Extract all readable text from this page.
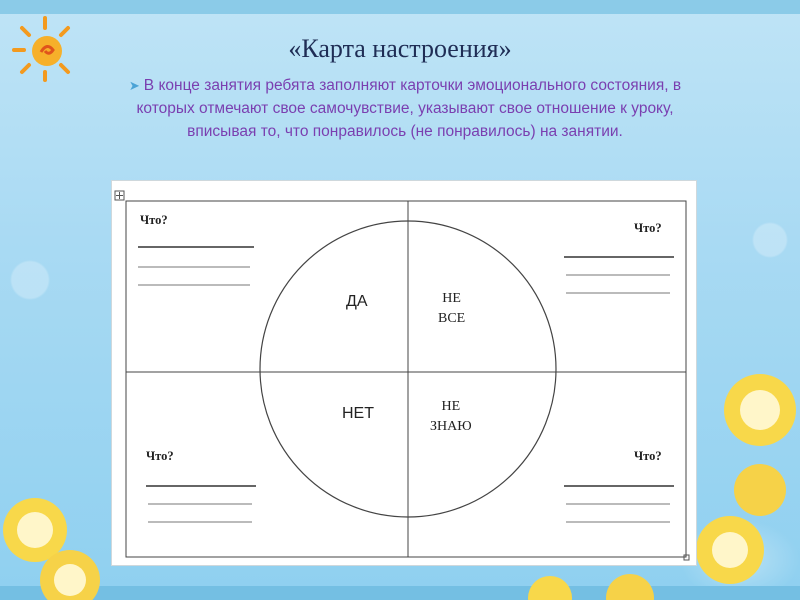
«Карта настроения»
➤ В конце занятия ребята заполняют карточки эмоционального состояния, в
которых отмечают свое самочувствие, указывают свое отношение к уроку,
вписывая то, что понравилось (не понравилось) на занятии.
Что?
Что?
Что?	Что?
ДА
НЕТ
НЕ
ВСЕ
НЕ
ЗНАЮ
